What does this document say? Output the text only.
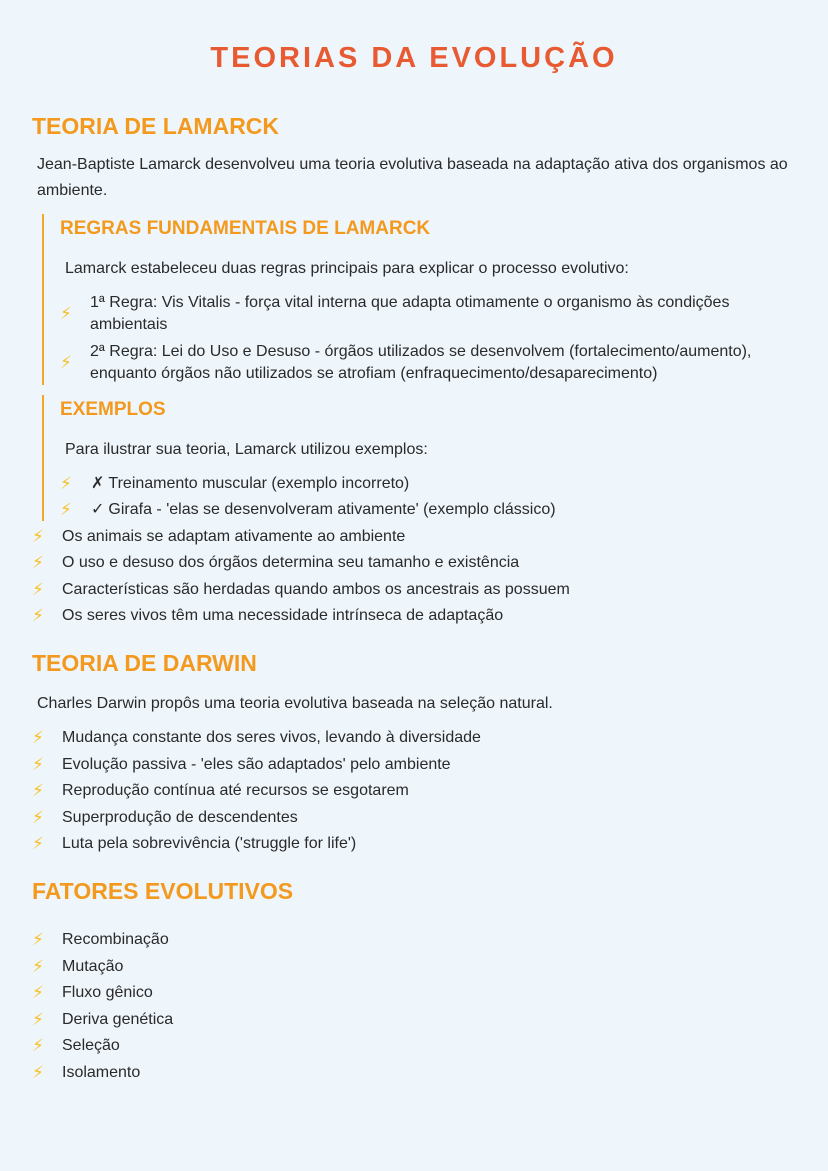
TEORIAS DA EVOLUÇÃO
TEORIA DE LAMARCK

Jean-Baptiste Lamarck desenvolveu uma teoria evolutiva baseada na adaptação ativa dos organismos ao ambiente.

REGRAS FUNDAMENTAIS DE LAMARCK

Lamarck estabeleceu duas regras principais para explicar o processo evolutivo:

⚡
1ª Regra: Vis Vitalis - força vital interna que adapta otimamente o organismo às condições ambientais
⚡
2ª Regra: Lei do Uso e Desuso - órgãos utilizados se desenvolvem (fortalecimento/aumento), enquanto órgãos não utilizados se atrofiam (enfraquecimento/desaparecimento)
EXEMPLOS

Para ilustrar sua teoria, Lamarck utilizou exemplos:

⚡	✗ Treinamento muscular (exemplo incorreto)
⚡	✓ Girafa - 'elas se desenvolveram ativamente' (exemplo clássico)
⚡	Os animais se adaptam ativamente ao ambiente
⚡	O uso e desuso dos órgãos determina seu tamanho e existência
⚡	Características são herdadas quando ambos os ancestrais as possuem
⚡	Os seres vivos têm uma necessidade intrínseca de adaptação
TEORIA DE DARWIN

Charles Darwin propôs uma teoria evolutiva baseada na seleção natural.

⚡	Mudança constante dos seres vivos, levando à diversidade
⚡	Evolução passiva - 'eles são adaptados' pelo ambiente
⚡	Reprodução contínua até recursos se esgotarem
⚡	Superprodução de descendentes
⚡	Luta pela sobrevivência ('struggle for life')
FATORES EVOLUTIVOS
⚡	Recombinação
⚡	Mutação
⚡	Fluxo gênico
⚡	Deriva genética
⚡	Seleção
⚡	Isolamento
